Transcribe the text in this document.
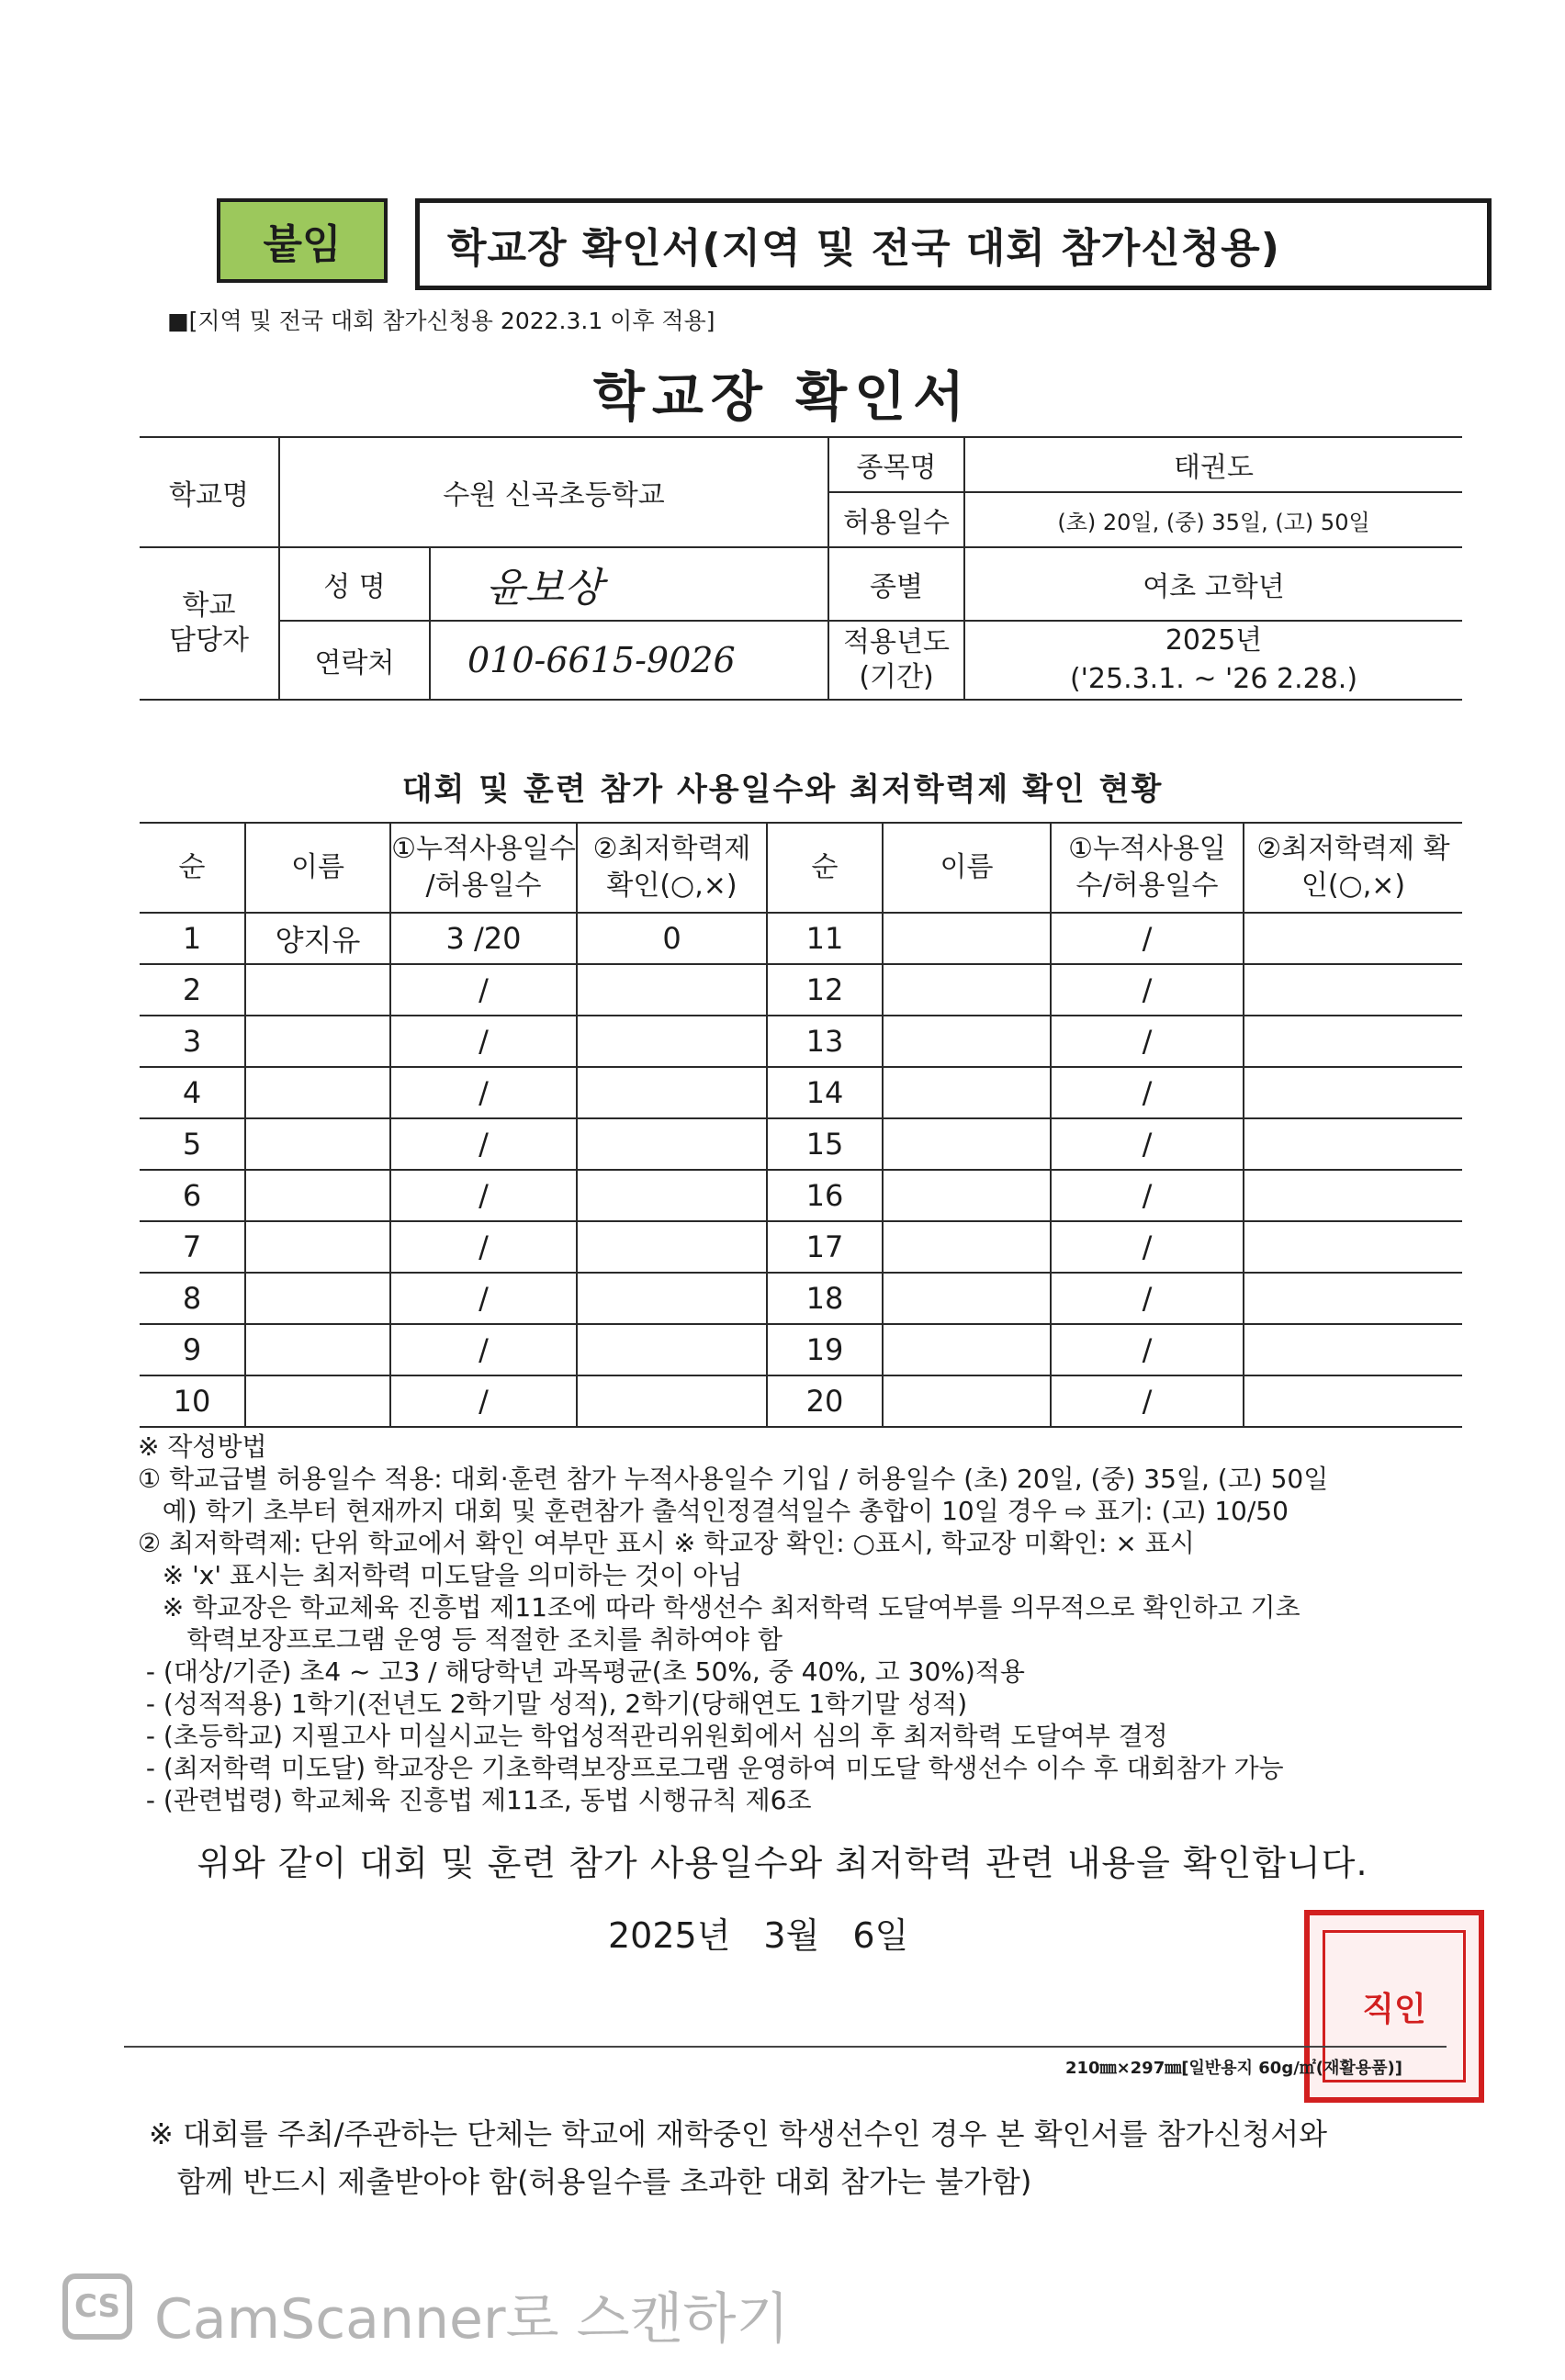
붙임	학교장 확인서(지역 및 전국 대회 참가신청용)
■[지역 및 전국 대회 참가신청용 2022.3.1 이후 적용]
학교장 확인서
학교명	수원 신곡초등학교		종목명	태권도
			허용일수	(초) 20일, (중) 35일, (고) 50일
학교 담당자	성 명	윤보상	종별	여초 고학년
	연락처	010-6615-9026	적용년도 (기간)	2025년
('25.3.1. ~ '26 2.28.)
대회 및 훈련 참가 사용일수와 최저학력제 확인 현황
순	이름	①누적사용일수 /허용일수	②최저학력제 확인(○,×)	순	이름	①누적사용일수/허용일수	②최저학력제 확인(○,×)
1	양지유	3 /20	0	11		/	
2		/		12		/	
3		/		13		/	
4		/		14		/	
5		/		15		/	
6		/		16		/	
7		/		17		/	
8		/		18		/	
9		/		19		/	
10		/		20		/	
※ 작성방법
① 학교급별 허용일수 적용: 대회·훈련 참가 누적사용일수 기입 / 허용일수 (초) 20일, (중) 35일, (고) 50일
예) 학기 초부터 현재까지 대회 및 훈련참가 출석인정결석일수 총합이 10일 경우 ⇨ 표기: (고) 10/50
② 최저학력제: 단위 학교에서 확인 여부만 표시 ※ 학교장 확인: ○표시, 학교장 미확인: × 표시
※ 'x' 표시는 최저학력 미도달을 의미하는 것이 아님
※ 학교장은 학교체육 진흥법 제11조에 따라 학생선수 최저학력 도달여부를 의무적으로 확인하고 기초
학력보장프로그램 운영 등 적절한 조치를 취하여야 함
- (대상/기준) 초4 ~ 고3 / 해당학년 과목평균(초 50%, 중 40%, 고 30%)적용
- (성적적용) 1학기(전년도 2학기말 성적), 2학기(당해연도 1학기말 성적)
- (초등학교) 지필고사 미실시교는 학업성적관리위원회에서 심의 후 최저학력 도달여부 결정
- (최저학력 미도달) 학교장은 기초학력보장프로그램 운영하여 미도달 학생선수 이수 후 대회참가 가능
- (관련법령) 학교체육 진흥법 제11조, 동법 시행규칙 제6조
위와 같이 대회 및 훈련 참가 사용일수와 최저학력 관련 내용을 확인합니다.
2025년 3월 6일
직인
210㎜×297㎜[일반용지 60g/㎡(재활용품)]
※ 대회를 주최/주관하는 단체는 학교에 재학중인 학생선수인 경우 본 확인서를 참가신청서와
함께 반드시 제출받아야 함(허용일수를 초과한 대회 참가는 불가함)
CS CamScanner로 스캔하기
